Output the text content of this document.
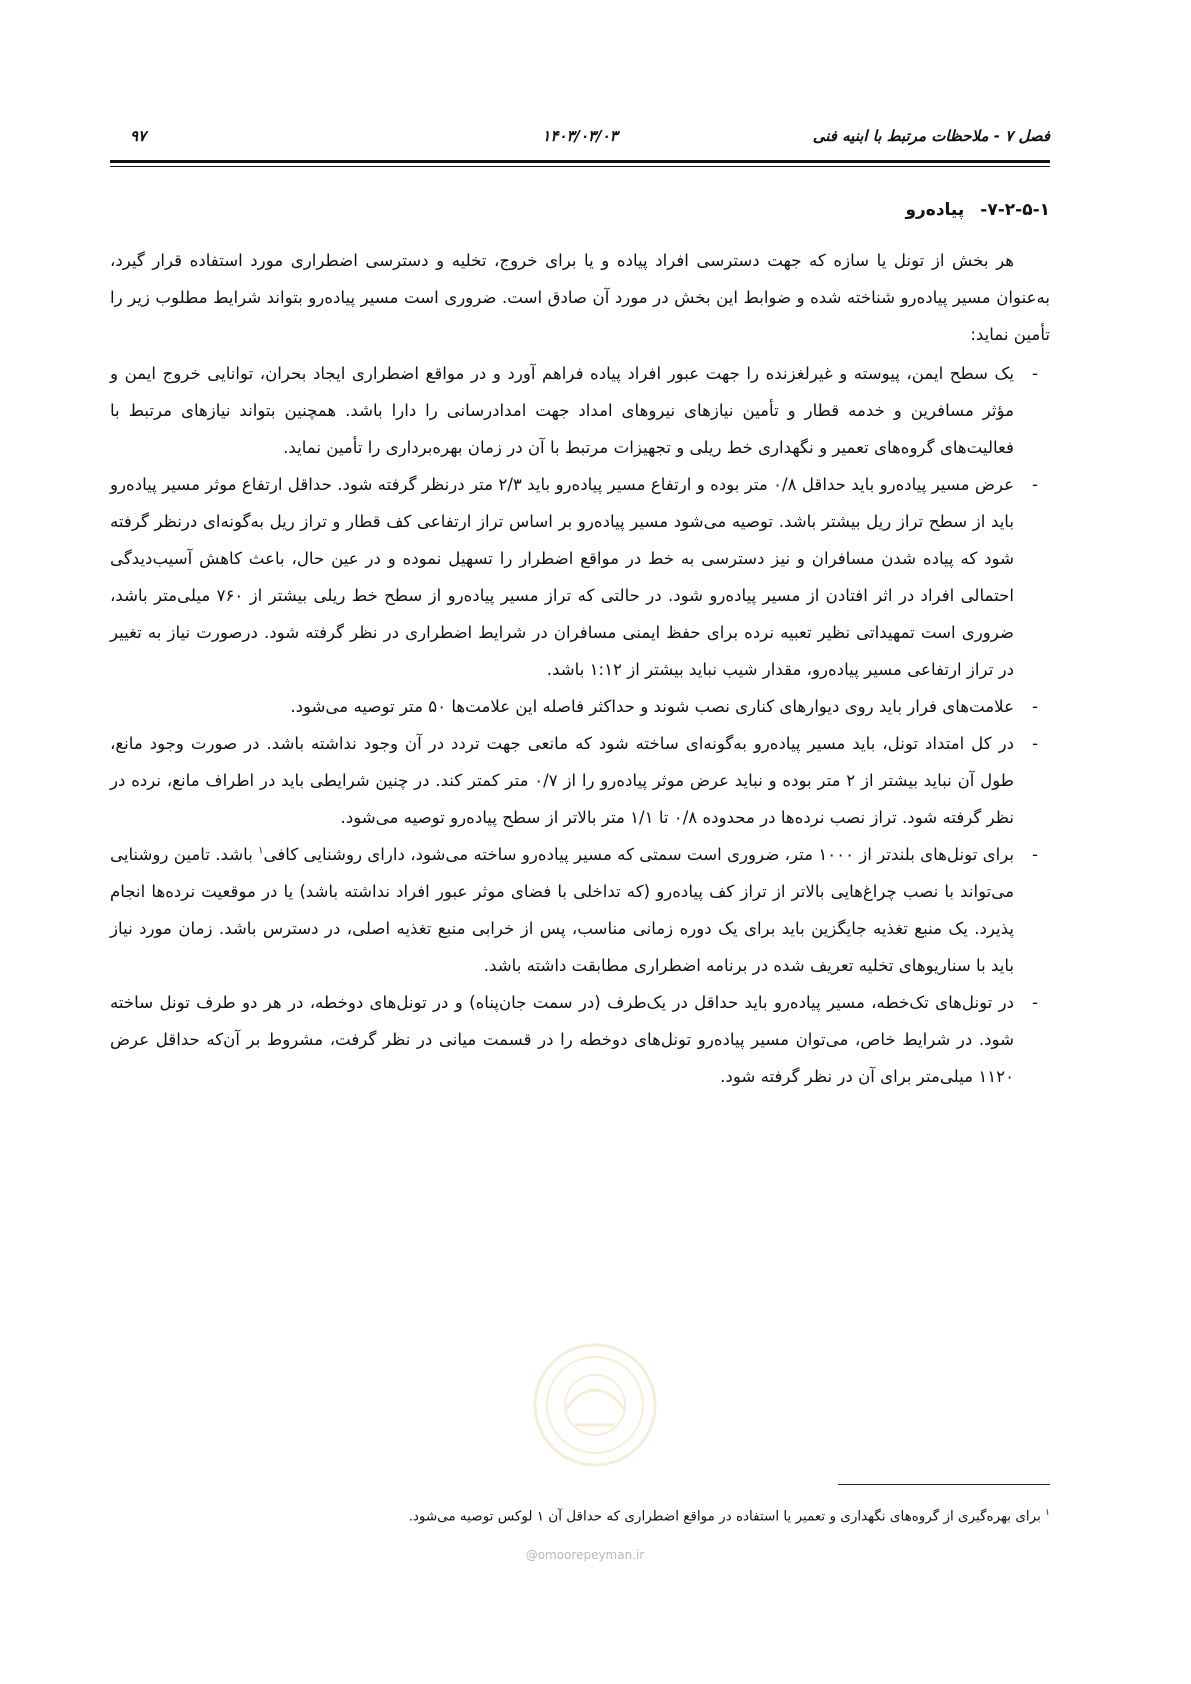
فصل ۷ - ملاحظات مرتبط با ابنیه فنی
۱۴۰۳/۰۳/۰۳
۹۷
@omoorepeyman.ir
۷-۲-۵-۱-پیاده‌رو

هر بخش از تونل یا سازه که جهت دسترسی افراد پیاده و یا برای خروج، تخلیه و دسترسی اضطراری مورد استفاده قرار گیرد، به‌عنوان مسیر پیاده‌رو شناخته شده و ضوابط این بخش در مورد آن صادق است. ضروری است مسیر پیاده‌رو بتواند شرایط مطلوب زیر را تأمین نماید:

-
یک سطح ایمن، پیوسته و غیرلغزنده را جهت عبور افراد پیاده فراهم آورد و در مواقع اضطراری ایجاد بحران، توانایی خروج ایمن و مؤثر مسافرین و خدمه قطار و تأمین نیازهای نیروهای امداد جهت امدادرسانی را دارا باشد. همچنین بتواند نیازهای مرتبط با فعالیت‌های گروه‌های تعمیر و نگهداری خط ریلی و تجهیزات مرتبط با آن در زمان بهره‌برداری را تأمین نماید.
-
عرض مسیر پیاده‌رو باید حداقل ۰/۸ متر بوده و ارتفاع مسیر پیاده‌رو باید ۲/۳ متر درنظر گرفته شود. حداقل ارتفاع موثر مسیر پیاده‌رو باید از سطح تراز ریل بیشتر باشد. توصیه می‌شود مسیر پیاده‌رو بر اساس تراز ارتفاعی کف قطار و تراز ریل به‌گونه‌ای درنظر گرفته شود که پیاده شدن مسافران و نیز دسترسی به خط در مواقع اضطرار را تسهیل نموده و در عین حال، باعث کاهش آسیب‌دیدگی احتمالی افراد در اثر افتادن از مسیر پیاده‌رو شود. در حالتی که تراز مسیر پیاده‌رو از سطح خط ریلی بیشتر از ۷۶۰ میلی‌متر باشد، ضروری است تمهیداتی نظیر تعبیه نرده برای حفظ ایمنی مسافران در شرایط اضطراری در نظر گرفته شود. درصورت نیاز به تغییر در تراز ارتفاعی مسیر پیاده‌رو، مقدار شیب نباید بیشتر از ۱:۱۲ باشد.
-
علامت‌های فرار باید روی دیوارهای کناری نصب شوند و حداکثر فاصله این علامت‌ها ۵۰ متر توصیه می‌شود.
-
در کل امتداد تونل، باید مسیر پیاده‌رو به‌گونه‌ای ساخته شود که مانعی جهت تردد در آن وجود نداشته باشد. در صورت وجود مانع، طول آن نباید بیشتر از ۲ متر بوده و نباید عرض موثر پیاده‌رو را از ۰/۷ متر کمتر کند. در چنین شرایطی باید در اطراف مانع، نرده در نظر گرفته شود. تراز نصب نرده‌ها در محدوده ۰/۸ تا ۱/۱ متر بالاتر از سطح پیاده‌رو توصیه می‌شود.
-
برای تونل‌های بلندتر از ۱۰۰۰ متر، ضروری است سمتی که مسیر پیاده‌رو ساخته می‌شود، دارای روشنایی کافی$^۱$ باشد. تامین روشنایی می‌تواند با نصب چراغ‌هایی بالاتر از تراز کف پیاده‌رو (که تداخلی با فضای موثر عبور افراد نداشته باشد) یا در موقعیت نرده‌ها انجام پذیرد. یک منبع تغذیه جایگزین باید برای یک دوره زمانی مناسب، پس از خرابی منبع تغذیه اصلی، در دسترس باشد. زمان مورد نیاز باید با سناریوهای تخلیه تعریف شده در برنامه اضطراری مطابقت داشته باشد.
-
در تونل‌های تک‌خطه، مسیر پیاده‌رو باید حداقل در یک‌طرف (در سمت جان‌پناه) و در تونل‌های دوخطه، در هر دو طرف تونل ساخته شود. در شرایط خاص، می‌توان مسیر پیاده‌رو تونل‌های دوخطه را در قسمت میانی در نظر گرفت، مشروط بر آن‌که حداقل عرض ۱۱۲۰ میلی‌متر برای آن در نظر گرفته شود.
$^۱$ برای بهره‌گیری از گروه‌های نگهداری و تعمیر یا استفاده در مواقع اضطراری که حداقل آن ۱ لوکس توصیه می‌شود.
